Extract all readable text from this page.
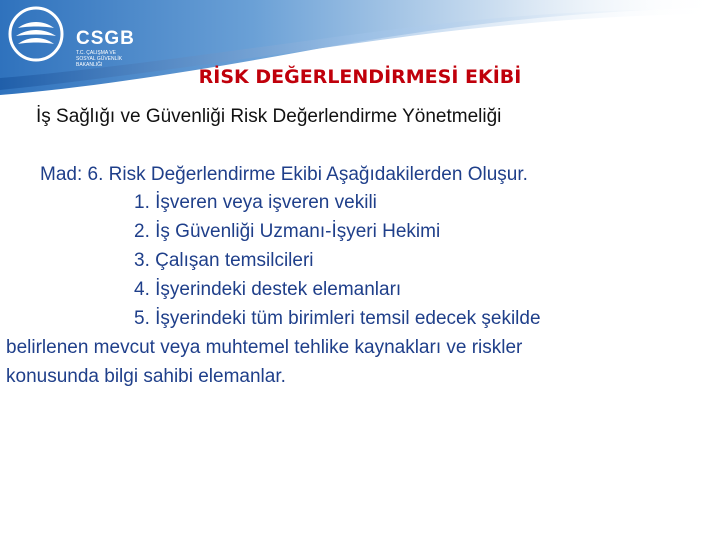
CSGB
T.C. ÇALIŞMA VE
SOSYAL GÜVENLİK
BAKANLIĞI
RİSK DEĞERLENDİRMESİ EKİBİ
İş Sağlığı ve Güvenliği Risk Değerlendirme Yönetmeliği
Mad: 6. Risk Değerlendirme Ekibi Aşağıdakilerden Oluşur.
1. İşveren veya işveren vekili
2. İş Güvenliği Uzmanı-İşyeri Hekimi
3. Çalışan temsilcileri
4. İşyerindeki destek elemanları
5. İşyerindeki tüm birimleri temsil edecek şekilde
belirlenen mevcut veya muhtemel tehlike kaynakları ve riskler
konusunda bilgi sahibi elemanlar.
